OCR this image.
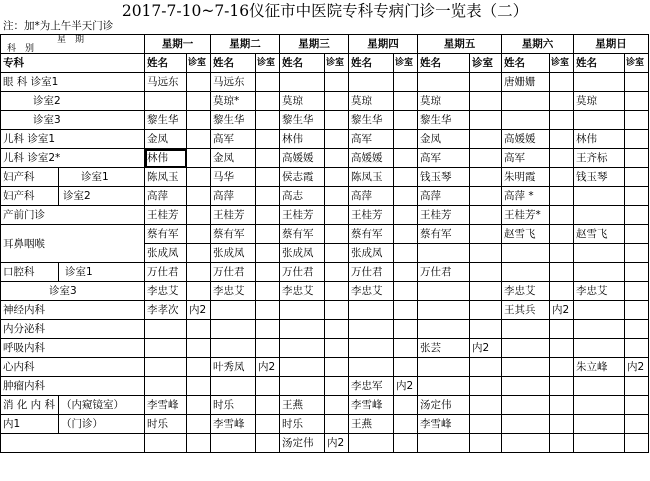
2017-7-10~7-16仪征市中医院专科专病门诊一览表（二）
注：加*为上午半天门诊
星　期
科　别		星期一		星期二		星期三		星期四		星期五		星期六		星期日	
专科		姓名	诊室	姓名	诊室	姓名	诊室	姓名	诊室	姓名	诊室	姓名	诊室	姓名	诊室
眼 科 诊室1		马远东		马远东								唐姗姗			
诊室2				莫琼*		莫琼		莫琼		莫琼				莫琼	
诊室3		黎生华		黎生华		黎生华		黎生华		黎生华					
儿科 诊室1		金凤		高军		林伟		高军		金凤		高媛媛		林伟	
儿科 诊室2*		林伟		金凤		高媛媛		高媛媛		高军		高军		王齐标	
妇产科	诊室1	陈凤玉		马华		侯志霞		陈凤玉		钱玉琴		朱明霞		钱玉琴	
妇产科	诊室2	高萍		高萍		高志		高萍		高萍		高萍 *			
产前门诊		王桂芳		王桂芳		王桂芳		王桂芳		王桂芳		王桂芳*			
耳鼻咽喉		蔡有军		蔡有军		蔡有军		蔡有军		蔡有军		赵雪飞		赵雪飞	
		张成凤		张成凤		张成凤		张成凤							
口腔科	诊室1	万仕君		万仕君		万仕君		万仕君		万仕君					
诊室3		李忠艾		李忠艾		李忠艾		李忠艾				李忠艾		李忠艾	
神经内科		李孝次	内2									王其兵	内2		
内分泌科															
呼吸内科										张芸	内2				
心内科				叶秀凤	内2									朱立峰	内2
肿瘤内科								李忠军	内2						
消 化 内 科	（内窥镜室）	李雪峰		时乐		王燕		李雪峰		汤定伟					
内1	（门诊）	时乐		李雪峰		时乐		王燕		李雪峰					
						汤定伟	内2								
